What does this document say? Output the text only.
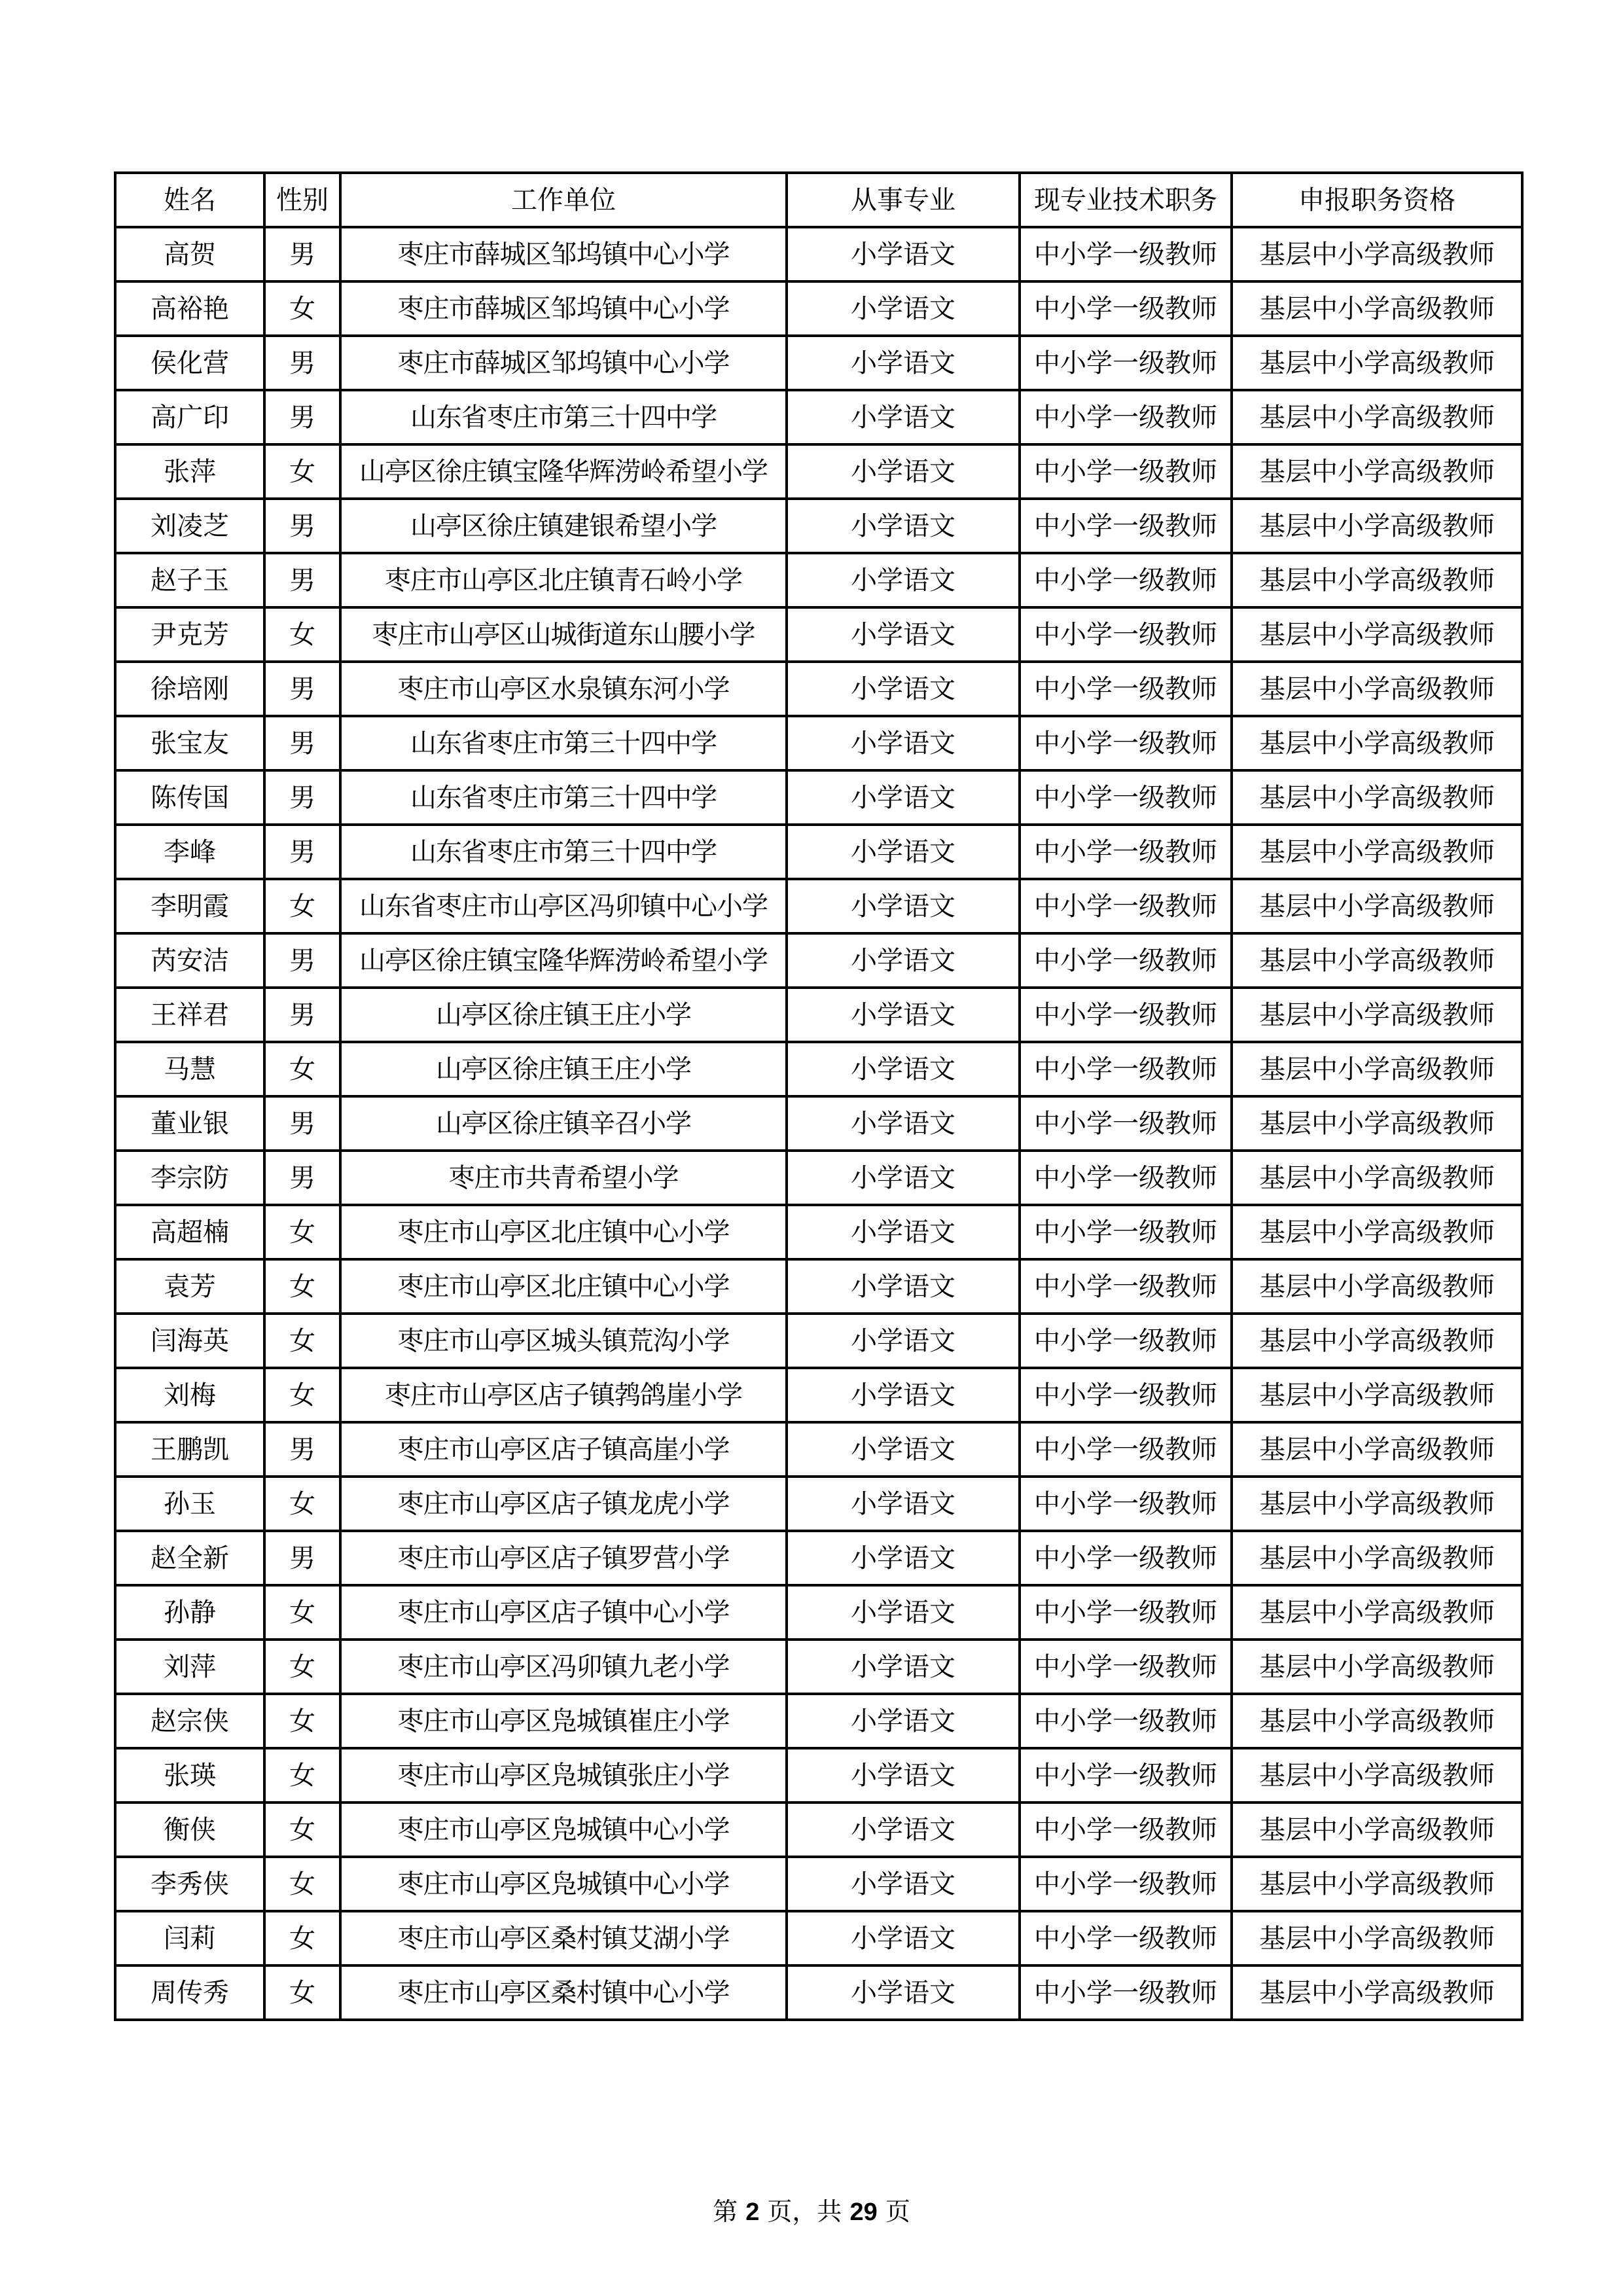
姓名	性别	工作单位	从事专业	现专业技术职务	申报职务资格
高贺	男	枣庄市薛城区邹坞镇中心小学	小学语文	中小学一级教师	基层中小学高级教师
高裕艳	女	枣庄市薛城区邹坞镇中心小学	小学语文	中小学一级教师	基层中小学高级教师
侯化营	男	枣庄市薛城区邹坞镇中心小学	小学语文	中小学一级教师	基层中小学高级教师
高广印	男	山东省枣庄市第三十四中学	小学语文	中小学一级教师	基层中小学高级教师
张萍	女	山亭区徐庄镇宝隆华辉涝岭希望小学	小学语文	中小学一级教师	基层中小学高级教师
刘凌芝	男	山亭区徐庄镇建银希望小学	小学语文	中小学一级教师	基层中小学高级教师
赵子玉	男	枣庄市山亭区北庄镇青石岭小学	小学语文	中小学一级教师	基层中小学高级教师
尹克芳	女	枣庄市山亭区山城街道东山腰小学	小学语文	中小学一级教师	基层中小学高级教师
徐培刚	男	枣庄市山亭区水泉镇东河小学	小学语文	中小学一级教师	基层中小学高级教师
张宝友	男	山东省枣庄市第三十四中学	小学语文	中小学一级教师	基层中小学高级教师
陈传国	男	山东省枣庄市第三十四中学	小学语文	中小学一级教师	基层中小学高级教师
李峰	男	山东省枣庄市第三十四中学	小学语文	中小学一级教师	基层中小学高级教师
李明霞	女	山东省枣庄市山亭区冯卯镇中心小学	小学语文	中小学一级教师	基层中小学高级教师
芮安洁	男	山亭区徐庄镇宝隆华辉涝岭希望小学	小学语文	中小学一级教师	基层中小学高级教师
王祥君	男	山亭区徐庄镇王庄小学	小学语文	中小学一级教师	基层中小学高级教师
马慧	女	山亭区徐庄镇王庄小学	小学语文	中小学一级教师	基层中小学高级教师
董业银	男	山亭区徐庄镇辛召小学	小学语文	中小学一级教师	基层中小学高级教师
李宗防	男	枣庄市共青希望小学	小学语文	中小学一级教师	基层中小学高级教师
高超楠	女	枣庄市山亭区北庄镇中心小学	小学语文	中小学一级教师	基层中小学高级教师
袁芳	女	枣庄市山亭区北庄镇中心小学	小学语文	中小学一级教师	基层中小学高级教师
闫海英	女	枣庄市山亭区城头镇荒沟小学	小学语文	中小学一级教师	基层中小学高级教师
刘梅	女	枣庄市山亭区店子镇鹁鸽崖小学	小学语文	中小学一级教师	基层中小学高级教师
王鹏凯	男	枣庄市山亭区店子镇高崖小学	小学语文	中小学一级教师	基层中小学高级教师
孙玉	女	枣庄市山亭区店子镇龙虎小学	小学语文	中小学一级教师	基层中小学高级教师
赵全新	男	枣庄市山亭区店子镇罗营小学	小学语文	中小学一级教师	基层中小学高级教师
孙静	女	枣庄市山亭区店子镇中心小学	小学语文	中小学一级教师	基层中小学高级教师
刘萍	女	枣庄市山亭区冯卯镇九老小学	小学语文	中小学一级教师	基层中小学高级教师
赵宗侠	女	枣庄市山亭区凫城镇崔庄小学	小学语文	中小学一级教师	基层中小学高级教师
张瑛	女	枣庄市山亭区凫城镇张庄小学	小学语文	中小学一级教师	基层中小学高级教师
衡侠	女	枣庄市山亭区凫城镇中心小学	小学语文	中小学一级教师	基层中小学高级教师
李秀侠	女	枣庄市山亭区凫城镇中心小学	小学语文	中小学一级教师	基层中小学高级教师
闫莉	女	枣庄市山亭区桑村镇艾湖小学	小学语文	中小学一级教师	基层中小学高级教师
周传秀	女	枣庄市山亭区桑村镇中心小学	小学语文	中小学一级教师	基层中小学高级教师
第 2 页，共 29 页
